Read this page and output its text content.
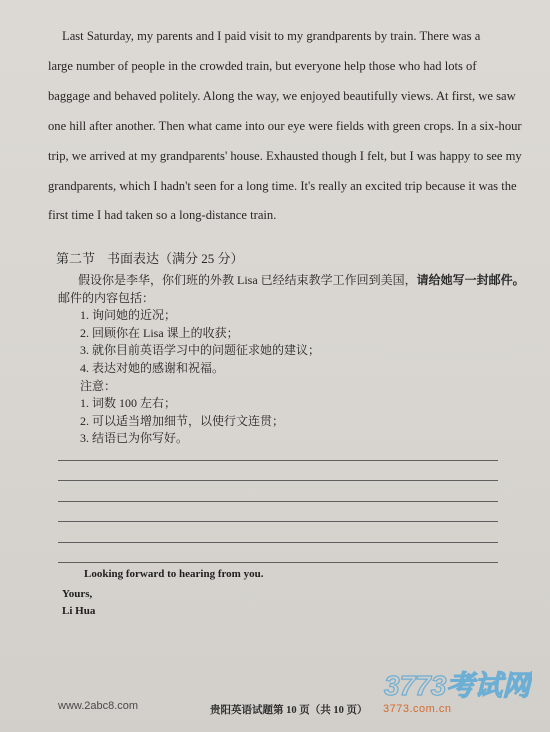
Last Saturday, my parents and I paid visit to my grandparents by train. There was a

large number of people in the crowded train, but everyone help those who had lots of

baggage and behaved politely. Along the way, we enjoyed beautifully views. At first, we saw

one hill after another. Then what came into our eye were fields with green crops. In a six-hour

trip, we arrived at my grandparents' house. Exhausted though I felt, but I was happy to see my

grandparents, which I hadn't seen for a long time. It's really an excited trip because it was the

first time I had taken so a long-distance train.

第二节 书面表达（满分 25 分）

假设你是李华，你们班的外教 Lisa 已经结束教学工作回到美国，请给她写一封邮件。

邮件的内容包括：

1. 询问她的近况；
2. 回顾你在 Lisa 课上的收获；
3. 就你目前英语学习中的问题征求她的建议；
4. 表达对她的感谢和祝福。

注意：

1. 词数 100 左右；
2. 可以适当增加细节，以使行文连贯；
3. 结语已为你写好。
Looking forward to hearing from you.
Yours,
Li Hua
www.2abc8.com	贵阳英语试题第 10 页（共 10 页）
3773考试网
3773.com.cn
